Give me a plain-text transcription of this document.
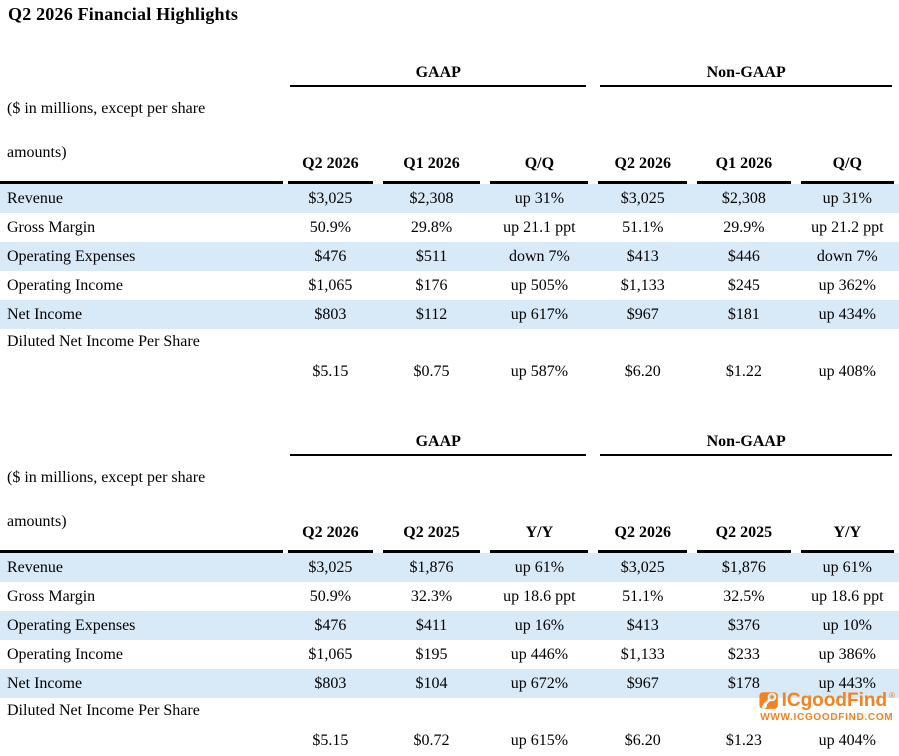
Q2 2026 Financial Highlights

	GAAP			Non-GAAP		

($ in millions, except per share
amounts)	Q2 2026	Q1 2026	Q/Q	Q2 2026	Q1 2026	Q/Q

Revenue	$3,025	$2,308	up 31%	$3,025	$2,308	up 31%
Gross Margin	50.9%	29.8%	up 21.1 ppt	51.1%	29.9%	up 21.2 ppt
Operating Expenses	$476	$511	down 7%	$413	$446	down 7%
Operating Income	$1,065	$176	up 505%	$1,133	$245	up 362%
Net Income	$803	$112	up 617%	$967	$181	up 434%
Diluted Net Income Per Share	$5.15	$0.75	up 587%	$6.20	$1.22	up 408%

	GAAP			Non-GAAP		

($ in millions, except per share
amounts)	Q2 2026	Q2 2025	Y/Y	Q2 2026	Q2 2025	Y/Y

Revenue	$3,025	$1,876	up 61%	$3,025	$1,876	up 61%
Gross Margin	50.9%	32.3%	up 18.6 ppt	51.1%	32.5%	up 18.6 ppt
Operating Expenses	$476	$411	up 16%	$413	$376	up 10%
Operating Income	$1,065	$195	up 446%	$1,133	$233	up 386%
Net Income	$803	$104	up 672%	$967	$178	up 443%
Diluted Net Income Per Share	$5.15	$0.72	up 615%	$6.20	$1.23	up 404%
ICgoodFind ®
WWW.ICGOODFIND.COM
